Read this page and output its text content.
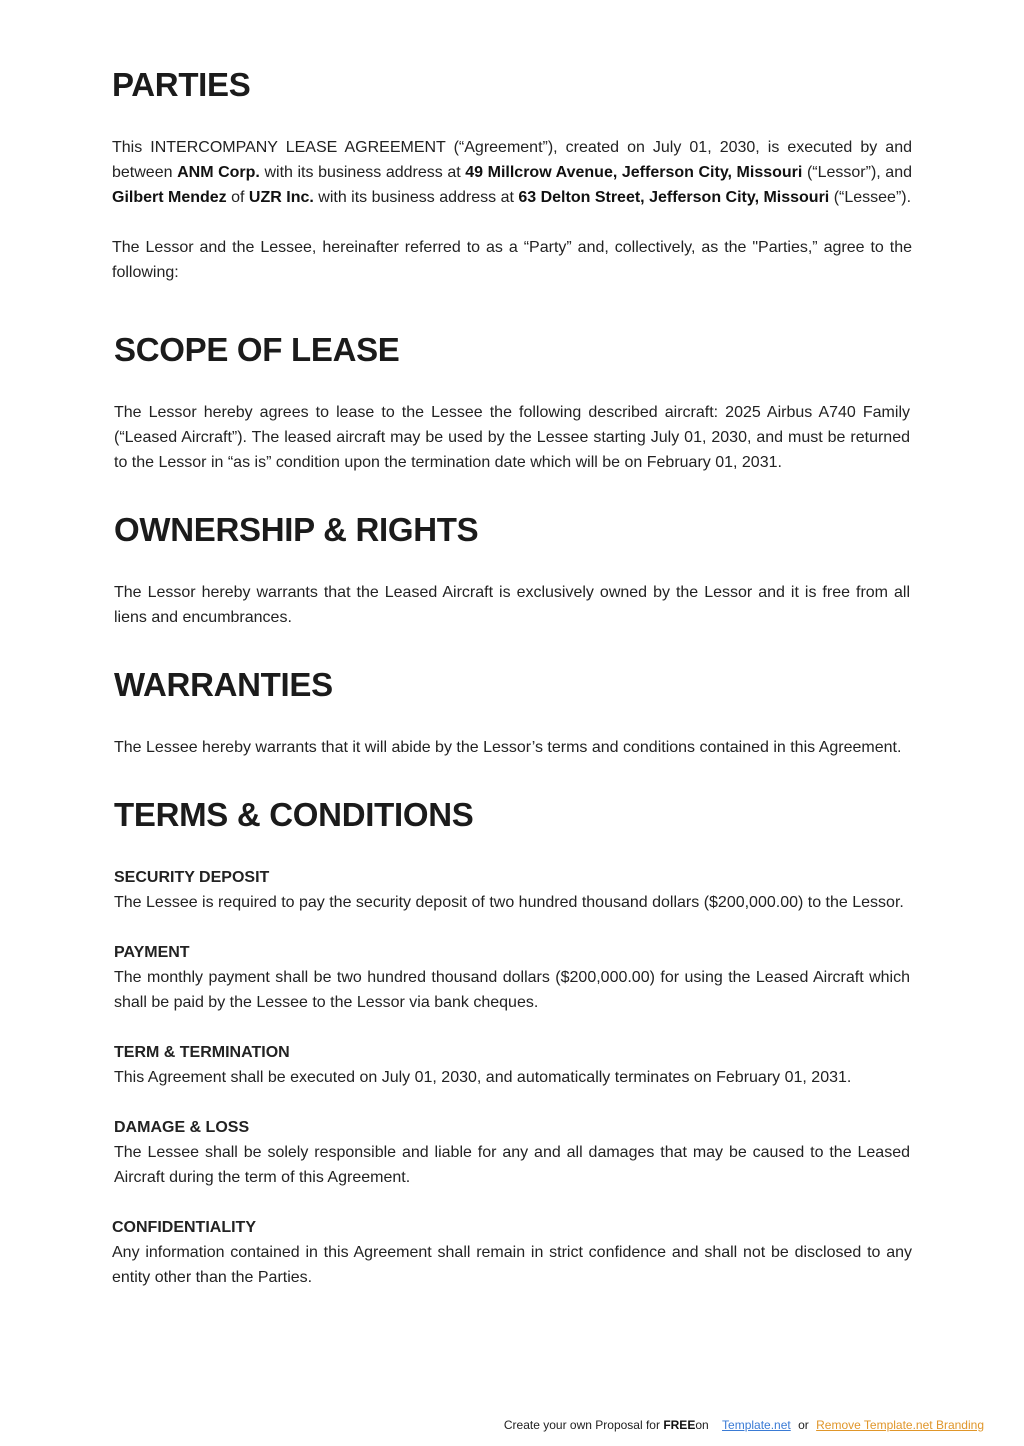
PARTIES

This INTERCOMPANY LEASE AGREEMENT (“Agreement”), created on July 01, 2030, is executed by and between ANM Corp. with its business address at 49 Millcrow Avenue, Jefferson City, Missouri (“Lessor”), and Gilbert Mendez of UZR Inc. with its business address at 63 Delton Street, Jefferson City, Missouri (“Lessee”).

The Lessor and the Lessee, hereinafter referred to as a “Party” and, collectively, as the "Parties,” agree to the following:

SCOPE OF LEASE

The Lessor hereby agrees to lease to the Lessee the following described aircraft: 2025 Airbus A740 Family (“Leased Aircraft”). The leased aircraft may be used by the Lessee starting July 01, 2030, and must be returned to the Lessor in “as is” condition upon the termination date which will be on February 01, 2031.

OWNERSHIP & RIGHTS

The Lessor hereby warrants that the Leased Aircraft is exclusively owned by the Lessor and it is free from all liens and encumbrances.

WARRANTIES

The Lessee hereby warrants that it will abide by the Lessor’s terms and conditions contained in this Agreement.

TERMS & CONDITIONS
SECURITY DEPOSIT
The Lessee is required to pay the security deposit of two hundred thousand dollars ($200,000.00) to the Lessor.
PAYMENT
The monthly payment shall be two hundred thousand dollars ($200,000.00) for using the Leased Aircraft which shall be paid by the Lessee to the Lessor via bank cheques.
TERM & TERMINATION
This Agreement shall be executed on July 01, 2030, and automatically terminates on February 01, 2031.
DAMAGE & LOSS
The Lessee shall be solely responsible and liable for any and all damages that may be caused to the Leased Aircraft during the term of this Agreement.
CONFIDENTIALITY
Any information contained in this Agreement shall remain in strict confidence and shall not be disclosed to any entity other than the Parties.
Create your own Proposal for FREEon Template.net or Remove Template.net Branding
